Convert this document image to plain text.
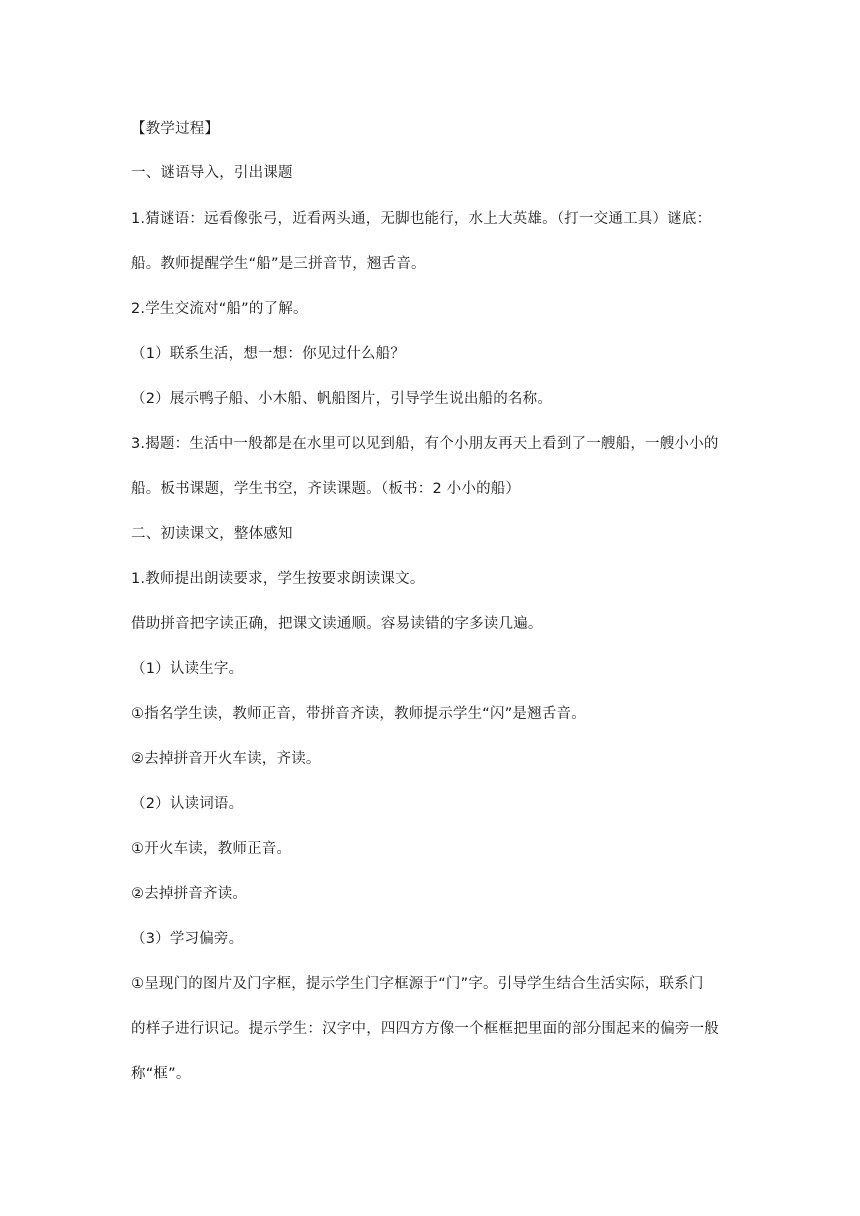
【教学过程】

一、谜语导入，引出课题

1.猜谜语：远看像张弓，近看两头通，无脚也能行，水上大英雄。（打一交通工具）谜底：

船。教师提醒学生“船”是三拼音节，翘舌音。

2.学生交流对“船”的了解。

（1）联系生活，想一想：你见过什么船？

（2）展示鸭子船、小木船、帆船图片，引导学生说出船的名称。

3.揭题：生活中一般都是在水里可以见到船，有个小朋友再天上看到了一艘船，一艘小小的

船。板书课题，学生书空，齐读课题。（板书：2 小小的船）

二、初读课文，整体感知

1.教师提出朗读要求，学生按要求朗读课文。

借助拼音把字读正确，把课文读通顺。容易读错的字多读几遍。

（1）认读生字。

①指名学生读，教师正音，带拼音齐读，教师提示学生“闪”是翘舌音。

②去掉拼音开火车读，齐读。

（2）认读词语。

①开火车读，教师正音。

②去掉拼音齐读。

（3）学习偏旁。

①呈现门的图片及门字框，提示学生门字框源于“门”字。引导学生结合生活实际，联系门

的样子进行识记。提示学生：汉字中，四四方方像一个框框把里面的部分围起来的偏旁一般

称“框”。
